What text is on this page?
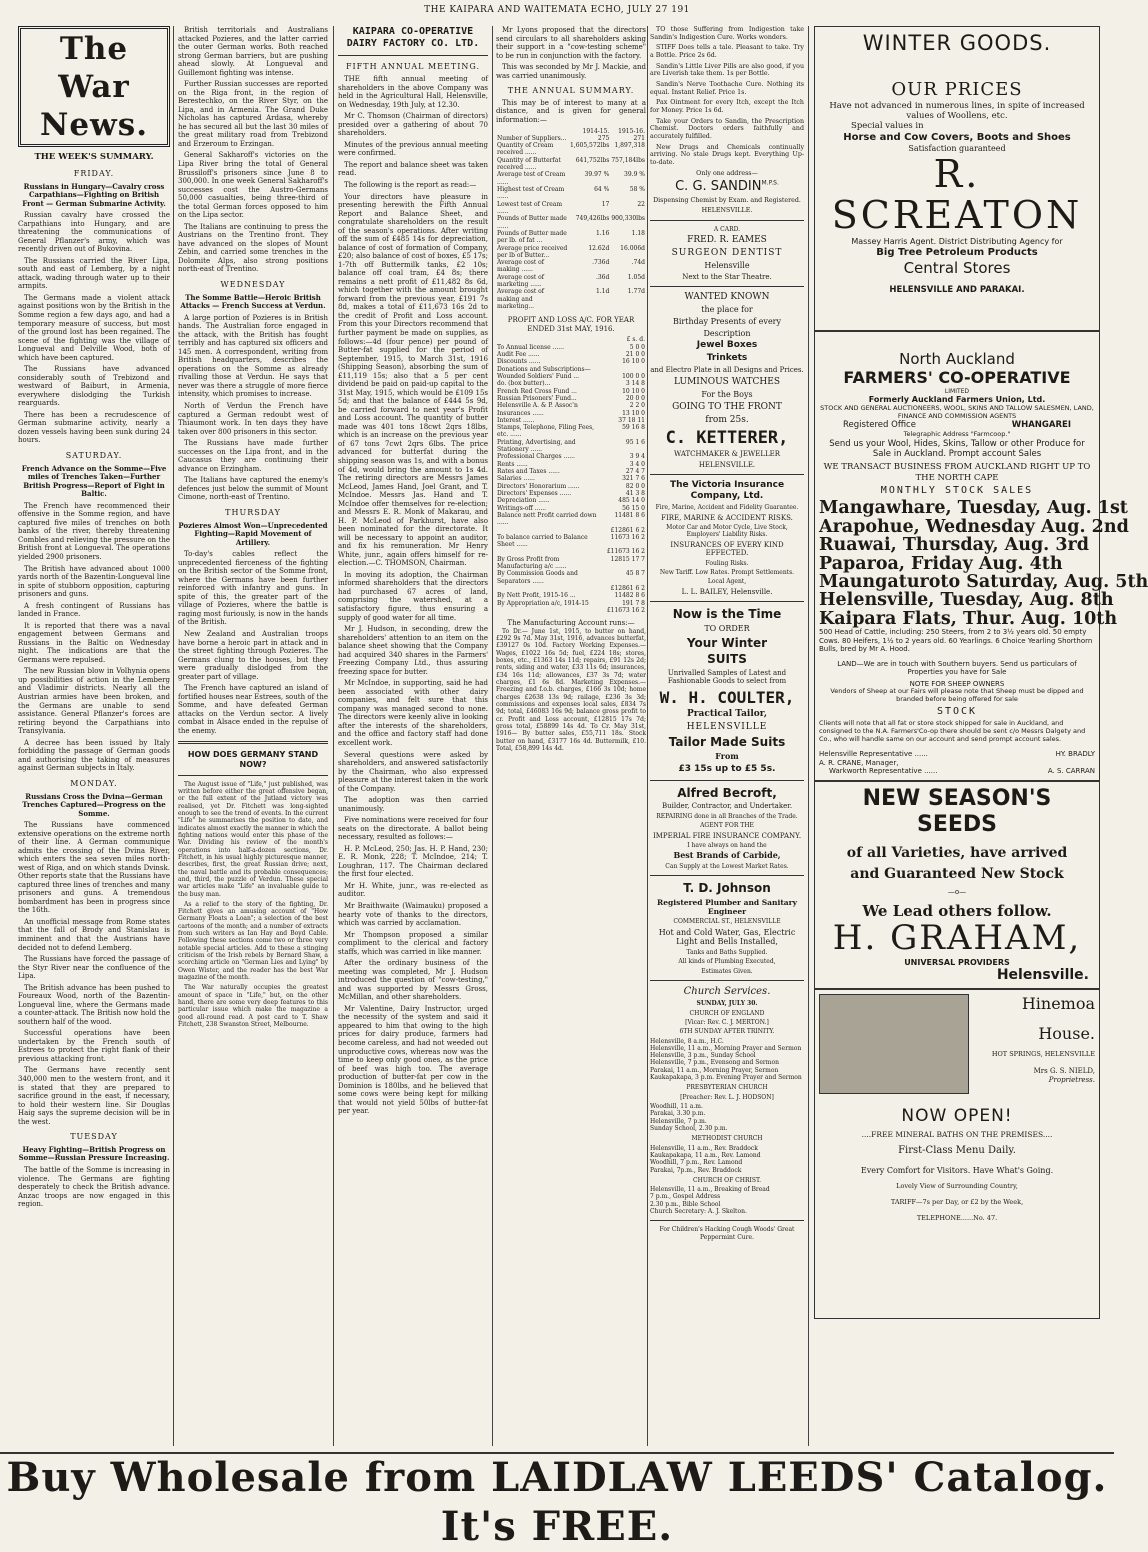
THE KAIPARA AND WAITEMATA ECHO, JULY 27 191
The War News.
THE WEEK'S SUMMARY.
FRIDAY.
Russians in Hungary—Cavalry cross Carpathians—Fighting on British Front — German Submarine Activity.

Russian cavalry have crossed the Carpathians into Hungary, and are threatening the communications of General Pflanzer's army, which was recently driven out of Bukovina.

The Russians carried the River Lipa, south and east of Lemberg, by a night attack, wading through water up to their armpits.

The Germans made a violent attack against positions won by the British in the Somme region a few days ago, and had a temporary measure of success, but most of the ground lost has been regained. The scene of the fighting was the village of Longueval and Delville Wood, both of which have been captured.

The Russians have advanced considerably south of Trebizond and westward of Baiburt, in Armenia, everywhere dislodging the Turkish rearguards.

There has been a recrudescence of German submarine activity, nearly a dozen vessels having been sunk during 24 hours.

SATURDAY.
French Advance on the Somme—Five miles of Trenches Taken—Further British Progress—Report of Fight in Baltic.

The French have recommenced their offensive in the Somme region, and have captured five miles of trenches on both banks of the river, thereby threatening Combles and relieving the pressure on the British front at Longueval. The operations yielded 2900 prisoners.

The British have advanced about 1000 yards north of the Bazentin-Longueval line in spite of stubborn opposition, capturing prisoners and guns.

A fresh contingent of Russians has landed in France.

It is reported that there was a naval engagement between Germans and Russians in the Baltic on Wednesday night. The indications are that the Germans were repulsed.

The new Russian blow in Volhynia opens up possibilities of action in the Lemberg and Vladimir districts. Nearly all the Austrian armies have been broken, and the Germans are unable to send assistance. General Pflanzer's forces are retiring beyond the Carpathians into Transylvania.

A decree has been issued by Italy forbidding the passage of German goods and authorising the taking of measures against German subjects in Italy.

MONDAY.
Russians Cross the Dvina—German Trenches Captured—Progress on the Somme.

The Russians have commenced extensive operations on the extreme north of their line. A German communique admits the crossing of the Dvina River, which enters the sea seven miles north-west of Riga, and on which stands Dvinsk. Other reports state that the Russians have captured three lines of trenches and many prisoners and guns. A tremendous bombardment has been in progress since the 16th.

An unofficial message from Rome states that the fall of Brody and Stanislau is imminent and that the Austrians have decided not to defend Lemberg.

The Russians have forced the passage of the Styr River near the confluence of the Lipa.

The British advance has been pushed to Foureaux Wood, north of the Bazentin-Longueval line, where the Germans made a counter-attack. The British now hold the southern half of the wood.

Successful operations have been undertaken by the French south of Estrees to protect the right flank of their previous attacking front.

The Germans have recently sent 340,000 men to the western front, and it is stated that they are prepared to sacrifice ground in the east, if necessary, to hold their western line. Sir Douglas Haig says the supreme decision will be in the west.

TUESDAY
Heavy Fighting—British Progress on Somme—Russian Pressure Increasing.

The battle of the Somme is increasing in violence. The Germans are fighting desperately to check the British advance. Anzac troops are now engaged in this region.

British territorials and Australians attacked Pozieres, and the latter carried the outer German works. Both reached strong German barriers, but are pushing ahead slowly. At Longueval and Guillemont fighting was intense.

Further Russian successes are reported on the Riga front, in the region of Berestechko, on the River Styr, on the Lipa, and in Armenia. The Grand Duke Nicholas has captured Ardasa, whereby he has secured all but the last 30 miles of the great military road from Trebizond and Erzeroum to Erzingan.

General Sakharoff's victories on the Lipa River bring the total of General Brussiloff's prisoners since June 8 to 300,000. In one week General Sakharoff's successes cost the Austro-Germans 50,000 casualties, being three-third of the total German forces opposed to him on the Lipa sector.

The Italians are continuing to press the Austrians on the Trentino front. They have advanced on the slopes of Mount Zebin, and carried some trenches in the Dolomite Alps, also strong positions north-east of Trentino.

WEDNESDAY
The Somme Battle—Heroic British Attacks — French Success at Verdun.

A large portion of Pozieres is in British hands. The Australian force engaged in the attack, with the British has fought terribly and has captured six officers and 145 men. A correspondent, writing from British headquarters, describes the operations on the Somme as already rivalling those at Verdun. He says that never was there a struggle of more fierce intensity, which promises to increase.

North of Verdun the French have captured a German redoubt west of Thiaumont work. In ten days they have taken over 800 prisoners in this sector.

The Russians have made further successes on the Lipa front, and in the Caucasus they are continuing their advance on Erzingham.

The Italians have captured the enemy's defences just below the summit of Mount Cimone, north-east of Trentino.

THURSDAY
Pozieres Almost Won—Unprecedented Fighting—Rapid Movement of Artillery.

To-day's cables reflect the unprecedented fierceness of the fighting on the British sector of the Somme front, where the Germans have been further reinforced with infantry and guns. In spite of this, the greater part of the village of Pozieres, where the battle is raging most furiously, is now in the hands of the British.

New Zealand and Australian troops have borne a heroic part in attack and in the street fighting through Pozieres. The Germans clung to the houses, but they were gradually dislodged from the greater part of village.

The French have captured an island of fortified houses near Estrees, south of the Somme, and have defeated German attacks on the Verdun sector. A lively combat in Alsace ended in the repulse of the enemy.

HOW DOES GERMANY STAND NOW?

The August issue of "Life," just published, was written before either the great offensive began, or the full extent of the Jutland victory was realised, yet Dr. Fitchett was long-sighted enough to see the trend of events. In the current "Life" he summarises the position to date, and indicates almost exactly the manner in which the fighting nations would enter this phase of the War. Dividing his review of the month's operations into half-a-dozen sections, Dr. Fitchett, in his usual highly picturesque manner, describes, first, the great Russian drive; next, the naval battle and its probable consequences; and, third, the puzzle of Verdun. These special war articles make "Life" an invaluable guide to the busy man.

As a relief to the story of the fighting, Dr. Fitchett gives an amusing account of "How Germany Floats a Loan"; a selection of the best cartoons of the month; and a number of extracts from such writers as Ian Hay and Boyd Cable. Following these sections come two or three very notable special articles. Add to these a stinging criticism of the Irish rebels by Bernard Shaw, a scorching article on "German Lies and Lying" by Owen Wister, and the reader has the best War magazine of the month.

The War naturally occupies the greatest amount of space in "Life," but, on the other hand, there are some very deep features to this particular issue which make the magazine a good all-round read. A post card to T. Shaw Fitchett, 238 Swanston Street, Melbourne.

KAIPARA CO-OPERATIVE
DAIRY FACTORY CO. LTD.
FIFTH ANNUAL MEETING.

THE fifth annual meeting of shareholders in the above Company was held in the Agricultural Hall, Helensville, on Wednesday, 19th July, at 12.30.

Mr C. Thomson (Chairman of directors) presided over a gathering of about 70 shareholders.

Minutes of the previous annual meeting were confirmed.

The report and balance sheet was taken read.

The following is the report as read:—

Your directors have pleasure in presenting herewith the Fifth Annual Report and Balance Sheet, and congratulate shareholders on the result of the season's operations. After writing off the sum of £485 14s for depreciation, balance of cost of formation of Company, £20; also balance of cost of boxes, £5 17s; 1-7th off Buttermilk tanks, £2 10s; balance off coal tram, £4 8s; there remains a nett profit of £11,482 8s 6d, which together with the amount brought forward from the previous year, £191 7s 8d, makes a total of £11,673 16s 2d to the credit of Profit and Loss account. From this your Directors recommend that further payment be made on supplies, as follows:—4d (four pence) per pound of Butter-fat supplied for the period of September, 1915, to March 31st, 1916 (Shipping Season), absorbing the sum of £11,119 15s; also that a 5 per cent dividend be paid on paid-up capital to the 31st May, 1915, which would be £109 15s 5d; and that the balance of £444 5s 9d, be carried forward to next year's Profit and Loss account. The quantity of butter made was 401 tons 18cwt 2qrs 18lbs, which is an increase on the previous year of 67 tons 7cwt 2qrs 6lbs. The price advanced for butterfat during the shipping season was 1s, and with a bonus of 4d, would bring the amount to 1s 4d. The retiring directors are Messrs James McLeod, James Hand, Joel Grant, and T. McIndoe. Messrs Jas. Hand and T. McIndoe offer themselves for re-election; and Messrs E. R. Monk of Makarau, and H. P. McLeod of Parkhurst, have also been nominated for the directorate. It will be necessary to appoint an auditor, and fix his remuneration. Mr Henry White, junr., again offers himself for re-election.—C. THOMSON, Chairman.

In moving its adoption, the Chairman informed shareholders that the directors had purchased 67 acres of land, comprising the watershed, at a satisfactory figure, thus ensuring a supply of good water for all time.

Mr J. Hudson, in seconding, drew the shareholders' attention to an item on the balance sheet showing that the Company had acquired 340 shares in the Farmers' Freezing Company Ltd., thus assuring freezing space for butter.

Mr McIndoe, in supporting, said he had been associated with other dairy companies, and felt sure that this company was managed second to none. The directors were keenly alive in looking after the interests of the shareholders, and the office and factory staff had done excellent work.

Several questions were asked by shareholders, and answered satisfactorily by the Chairman, who also expressed pleasure at the interest taken in the work of the Company.

The adoption was then carried unanimously.

Five nominations were received for four seats on the directorate. A ballot being necessary, resulted as follows:—

H. P. McLeod, 250; Jas. H. P. Hand, 230; E. R. Monk, 228; T. McIndoe, 214; T. Loughran, 117. The Chairman declared the first four elected.

Mr H. White, junr., was re-elected as auditor.

Mr Braithwaite (Waimauku) proposed a hearty vote of thanks to the directors, which was carried by acclamation.

Mr Thompson proposed a similar compliment to the clerical and factory staffs, which was carried in like manner.

After the ordinary business of the meeting was completed, Mr J. Hudson introduced the question of "cow-testing," and was supported by Messrs Gross, McMillan, and other shareholders.

Mr Valentine, Dairy Instructor, urged the necessity of the system and said it appeared to him that owing to the high prices for dairy produce, farmers had become careless, and had not weeded out unproductive cows, whereas now was the time to keep only good ones, as the price of beef was high too. The average production of butter-fat per cow in the Dominion is 180lbs, and he believed that some cows were being kept for milking that would not yield 50lbs of butter-fat per year.

Mr Lyons proposed that the directors send circulars to all shareholders asking their support in a "cow-testing scheme" to be run in conjunction with the factory.

This was seconded by Mr J. Mackie, and was carried unanimously.

THE ANNUAL SUMMARY.

This may be of interest to many at a distance, and is given for general information:—

	1914-15.	1915-16.
Number of Suppliers...	275	271
Quantity of Cream received ......	1,605,572lbs	1,897,318
Quantity of Butterfat received ......	641,752lbs	757,184lbs
Average test of Cream ......	39.97 %	39.9 %
Highest test of Cream ......	64 %	58 %
Lowest test of Cream ......	17	22
Pounds of Butter made ......	749,426lbs	900,330lbs
Pounds of Butter made per lb. of fat ...	1.16	1.18
Average price received per lb of Butter...	12.62d	16.006d
Average cost of making ......	.736d	.74d
Average cost of marketing ......	.36d	1.05d
Average cost of making and marketing...	1.1d	1.77d
PROFIT AND LOSS A/C. FOR YEAR ENDED 31st MAY, 1916.
	£ s. d.
To Annual license ......	5 0 0
Audit Fee ......	21 0 0
Discounts ......	16 10 0
Donations and Subscriptions—	
Wounded Soldiers' Fund ...	100 0 0
do. (box butter)...	3 14 8
French Red Cross Fund ...	10 10 0
Russian Prisoners' Fund...	20 0 0
Helensville A. & P. Assoc'n	2 2 0
Insurances ......	13 10 0
Interest ......	37 18 11
Stamps, Telephone, Filing Fees, etc. ......	59 16 8
Printing, Advertising, and Stationery ......	95 1 6
Professional Charges ......	3 9 4
Rents ......	3 4 0
Rates and Taxes ......	27 4 7
Salaries ......	321 7 6
Directors' Honorarium ......	82 0 0
Directors' Expenses ......	41 3 8
Depreciation ......	485 14 0
Writings-off ......	56 15 0
Balance nett Profit carried down ......	11481 8 6
	£12861 6 2
To balance carried to Balance Sheet ......	11673 16 2
	£11673 16 2
By Gross Profit from Manufacturing a/c ......	12815 17 7
By Commission Goods and Separators ......	45 8 7
	£12861 6 2
By Nett Profit, 1915-16 ...	11482 8 6
By Appropriation a/c, 1914-15	191 7 8
	£11673 16 2
The Manufacturing Account runs:—

To Dr.— June 1st, 1915, to butter on hand, £292 9s 7d. May 31st, 1916, advances butterfat, £39127 0s 10d. Factory Working Expenses.—Wages, £1022 16s 5d; fuel, £224 18s; stores, boxes, etc., £1363 14s 11d; repairs, £91 12s 2d; rents, siding and water, £33 11s 6d; insurances, £34 16s 11d; allowances, £37 3s 7d; water charges, £1 6s 8d. Marketing Expenses.—Freezing and f.o.b. charges, £166 3s 10d; home charges £2638 13s 9d; railage, £236 3s 3d; commissions and expenses local sales, £834 7s 9d; total, £46083 16s 9d; balance gross profit to cr. Profit and Loss account, £12815 17s 7d; gross total, £58899 14s 4d. To Cr. May 31st, 1916— By butter sales, £55,711 18s. Stock butter on hand, £3177 16s 4d. Buttermilk, £10. Total, £58,899 14s 4d.

TO those Suffering from Indigestion take Sandin's Indigestion Cure. Works wonders.

STIFF Does tells a tale. Pleasant to take. Try a Bottle. Price 2s 6d.

Sandin's Little Liver Pills are also good, if you are Liverish take them. 1s per Bottle.

Sandin's Nerve Toothache Cure. Nothing its equal. Instant Relief. Price 1s.

Pax Ointment for every Itch, except the Itch for Money. Price 1s 6d.

Take your Orders to Sandin, the Prescription Chemist. Doctors orders faithfully and accurately fulfilled.

New Drugs and Chemicals continually arriving. No stale Drugs kept. Everything Up-to-date.

Only one address—
C. G. $SANDIN^{M.P.S.}$
Dispensing Chemist by Exam. and Registered.
HELENSVILLE.
A CARD.
FRED. R. EAMES
SURGEON DENTIST
Helensville
Next to the Star Theatre.
WANTED KNOWN
the place for
Birthday Presents of every
Description
Jewel Boxes
Trinkets
and Electro Plate in all Designs and Prices.
LUMINOUS WATCHES
For the Boys
GOING TO THE FRONT
from 25s.
C. KETTERER,
WATCHMAKER & JEWELLER
HELENSVILLE.
The Victoria Insurance Company, Ltd.
Fire, Marine, Accident and Fidelity Guarantee.
FIRE, MARINE & ACCIDENT RISKS.
Motor Car and Motor Cycle, Live Stock, Employers' Liability Risks.
INSURANCES OF EVERY KIND EFFECTED.
Fouling Risks.
New Tariff. Low Rates. Prompt Settlements.
Local Agent,
L. L. BAILEY, Helensville.
Now is the Time
TO ORDER
Your Winter
SUITS
Unrivalled Samples of Latest and Fashionable Goods to select from
W. H. COULTER,
Practical Tailor,
HELENSVILLE
Tailor Made Suits
From
£3 15s up to £5 5s.
Alfred Becroft,
Builder, Contractor, and Undertaker.
REPAIRING done in all Branches of the Trade.
AGENT FOR THE
IMPERIAL FIRE INSURANCE COMPANY.
I have always on hand the
Best Brands of Carbide,
Can Supply at the Lowest Market Rates.
T. D. Johnson
Registered Plumber and Sanitary Engineer
COMMERCIAL ST., HELENSVILLE
Hot and Cold Water, Gas, Electric Light and Bells Installed,
Tanks and Baths Supplied.
All kinds of Plumbing Executed,
Estimates Given.
Church Services.
SUNDAY, JULY 30.
CHURCH OF ENGLAND
[Vicar: Rev. C. J. MERTON.]
6TH SUNDAY AFTER TRINITY.
Helensville, 8 a.m., H.C.
Helensville, 11 a.m., Morning Prayer and Sermon
Helensville, 3 p.m., Sunday School
Helensville, 7 p.m., Evensong and Sermon
Parakai, 11 a.m., Morning Prayer, Sermon
Kaukapakapa, 3 p.m. Evening Prayer and Sermon
PRESBYTERIAN CHURCH
[Preacher: Rev. L. J. HODSON]
Woodhill, 11 a.m.
Parakai, 3.30 p.m.
Helensville, 7 p.m.
Sunday School, 2.30 p.m.
METHODIST CHURCH
Helensville, 11 a.m., Rev. Braddock
Kaukapakapa, 11 a.m., Rev. Lamond
Woodhill, 7 p.m., Rev. Lamond
Parakai, 7p.m., Rev. Braddock
CHURCH OF CHRIST.
Helensville, 11 a.m., Breaking of Bread
7 p.m., Gospel Address
2.30 p.m., Bible School
Church Secretary: A. J. Skelton.
For Children's Hacking Cough Woods' Great Peppermint Cure.
WINTER GOODS.
OUR PRICES
Have not advanced in numerous lines, in spite of increased values of Woollens, etc.
Special values in
Horse and Cow Covers, Boots and Shoes
Satisfaction guaranteed
R. SCREATON
Massey Harris Agent. District Distributing Agency for
Big Tree Petroleum Products
Central Stores
HELENSVILLE AND PARAKAI.
North Auckland
FARMERS' CO-OPERATIVE
LIMITED
Formerly Auckland Farmers Union, Ltd.
STOCK AND GENERAL AUCTIONEERS, WOOL, SKINS AND TALLOW SALESMEN, LAND, FINANCE AND COMMISSION AGENTS
Registered Office	WHANGAREI
Telegraphic Address "Farmcoop."
Send us your Wool, Hides, Skins, Tallow or other Produce for Sale in Auckland. Prompt account Sales
WE TRANSACT BUSINESS FROM AUCKLAND RIGHT UP TO THE NORTH CAPE
MONTHLY STOCK SALES
Mangawhare, Tuesday, Aug. 1st
Arapohue, Wednesday Aug. 2nd
Ruawai, Thursday, Aug. 3rd
Paparoa, Friday Aug. 4th
Maungaturoto Saturday, Aug. 5th
Helensville, Tuesday, Aug. 8th
Kaipara Flats, Thur. Aug. 10th
500 Head of Cattle, including: 250 Steers, from 2 to 3½ years old. 50 empty Cows. 80 Heifers, 1½ to 2 years old. 60 Yearlings. 6 Choice Yearling Shorthorn Bulls, bred by Mr A. Hood.
LAND—We are in touch with Southern buyers. Send us particulars of Properties you have for Sale
NOTE FOR SHEEP OWNERS
Vendors of Sheep at our Fairs will please note that Sheep must be dipped and branded before being offered for sale
STOCK
Clients will note that all fat or store stock shipped for sale in Auckland, and consigned to the N.A. Farmers'Co-op there should be sent c/o Messrs Dalgety and Co., who will handle same on our account and send prompt account sales.
Helensville Representative ......	HY. BRADLY
A. R. CRANE, Manager,
Warkworth Representative ......	A. S. CARRAN
NEW SEASON'S SEEDS
of all Varieties, have arrived
and Guaranteed New Stock
—o—
We Lead others follow.
H. GRAHAM,
UNIVERSAL PROVIDERS
Helensville.
Hinemoa
House.
HOT SPRINGS, HELENSVILLE
Mrs G. S. NIELD,
Proprietress.
NOW OPEN!
....FREE MINERAL BATHS ON THE PREMISES....
First-Class Menu Daily.
Every Comfort for Visitors. Have What's Going.
Lovely View of Surrounding Country,
TARIFF—7s per Day, or £2 by the Week,
TELEPHONE......No. 47.
Buy Wholesale from LAIDLAW LEEDS' Catalog. It's FREE.
